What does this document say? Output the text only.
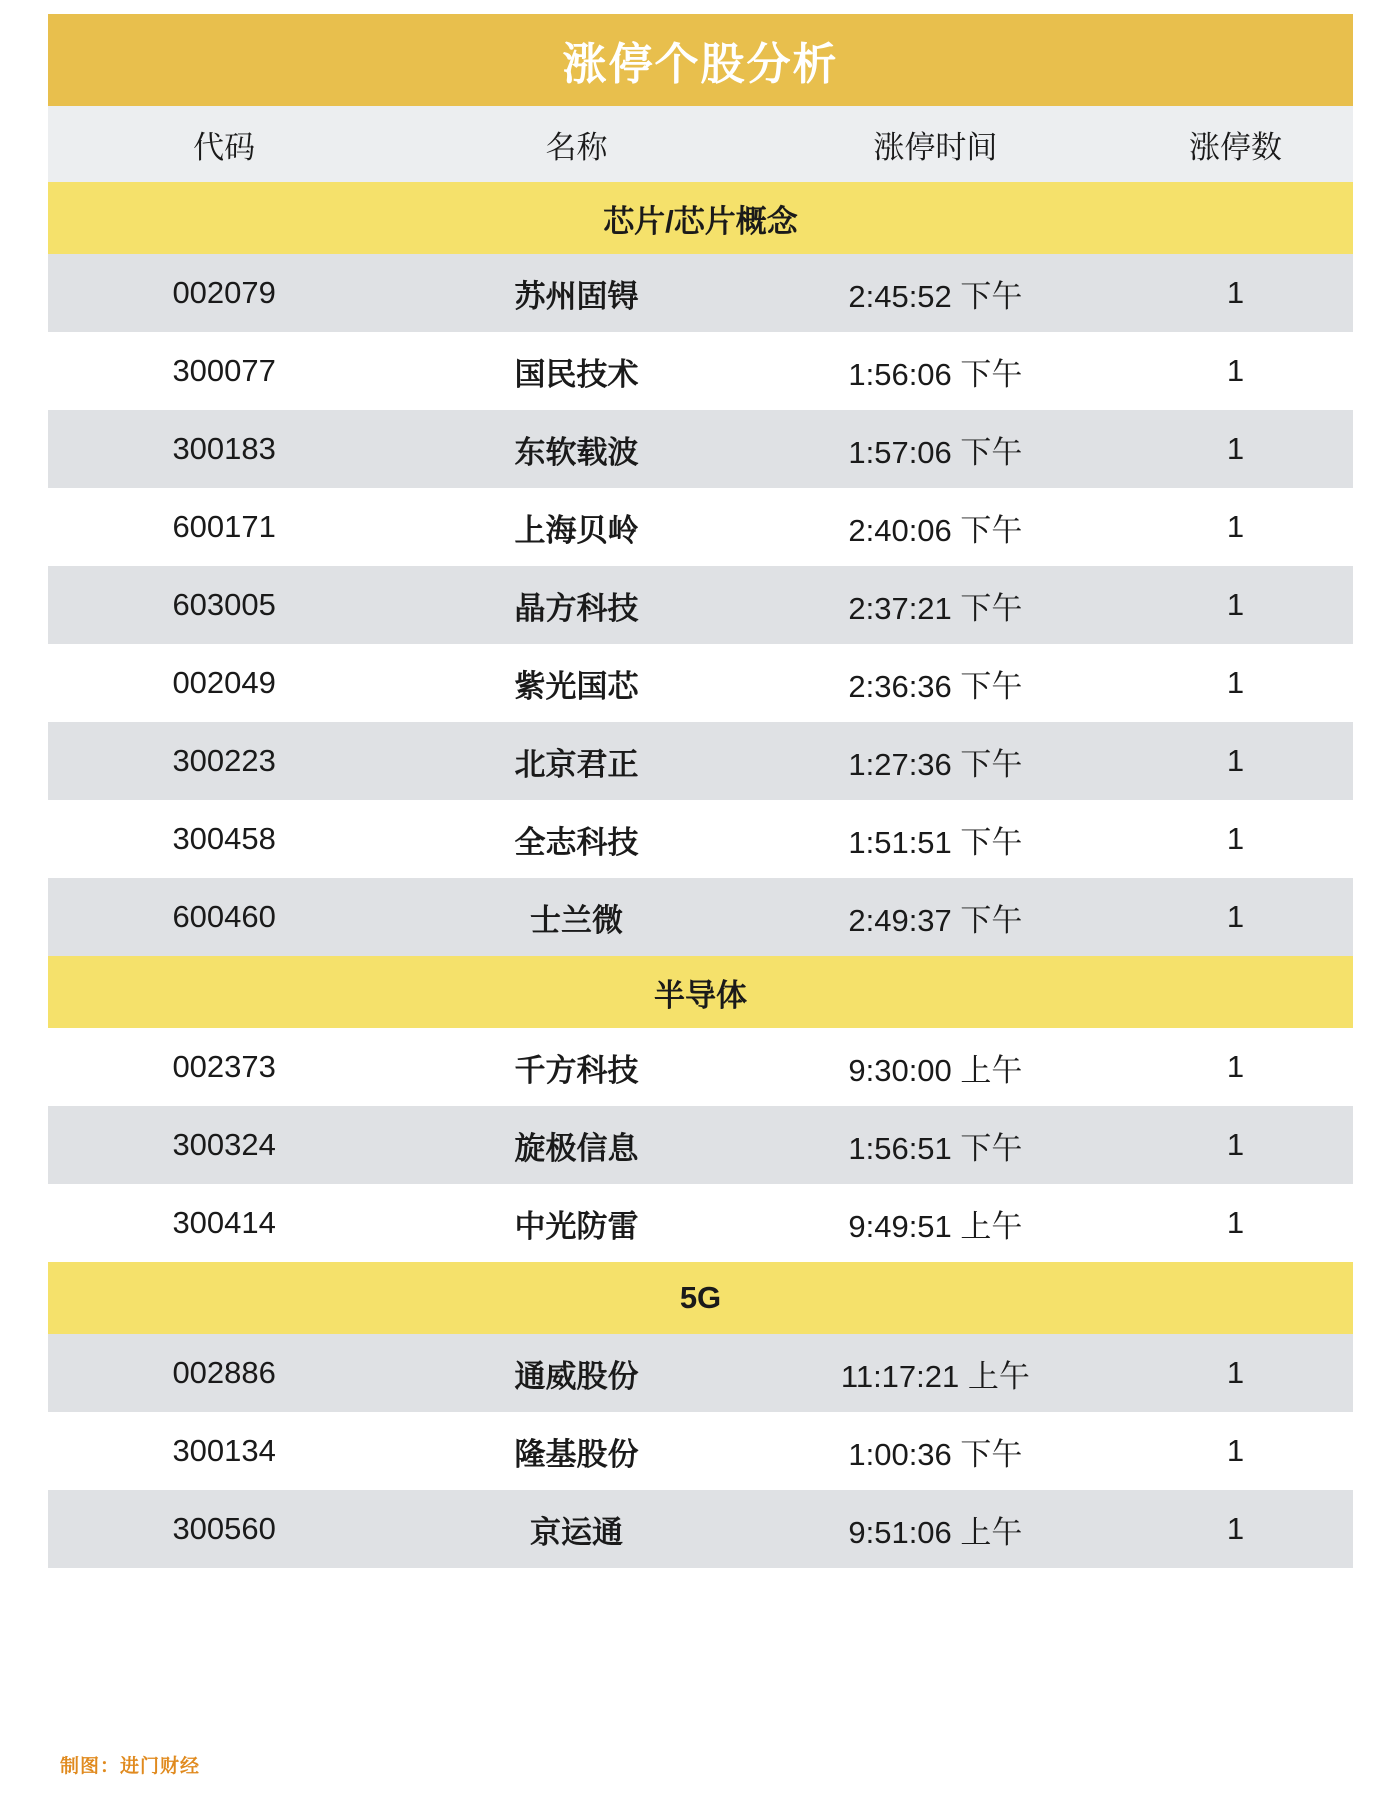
涨停个股分析			
代码	名称	涨停时间	涨停数
芯片/芯片概念			
002079	苏州固锝	2:45:52 下午	1
300077	国民技术	1:56:06 下午	1
300183	东软载波	1:57:06 下午	1
600171	上海贝岭	2:40:06 下午	1
603005	晶方科技	2:37:21 下午	1
002049	紫光国芯	2:36:36 下午	1
300223	北京君正	1:27:36 下午	1
300458	全志科技	1:51:51 下午	1
600460	士兰微	2:49:37 下午	1
半导体			
002373	千方科技	9:30:00 上午	1
300324	旋极信息	1:56:51 下午	1
300414	中光防雷	9:49:51 上午	1
5G			
002886	通威股份	11:17:21 上午	1
300134	隆基股份	1:00:36 下午	1
300560	京运通	9:51:06 上午	1
制图：进门财经
